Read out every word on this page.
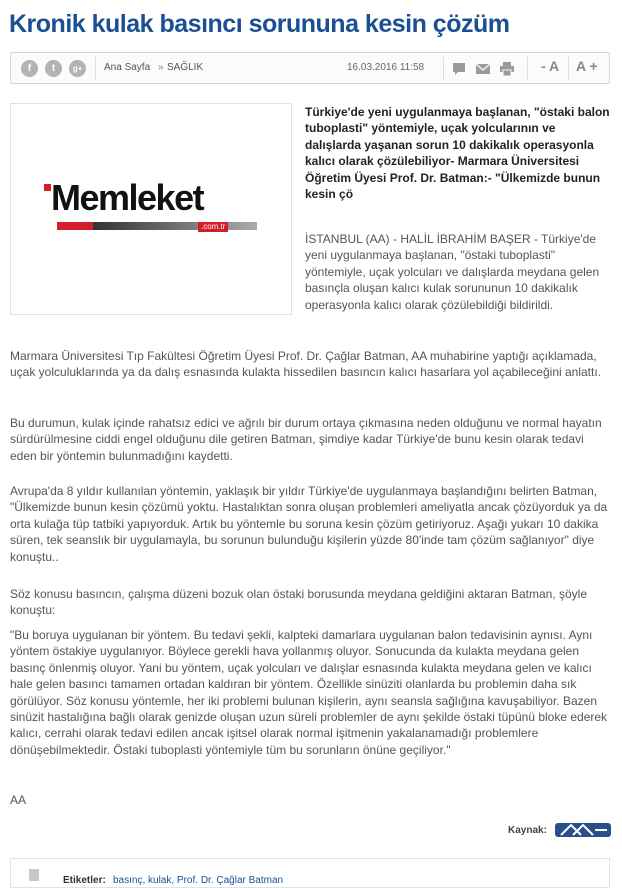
Kronik kulak basıncı sorununa kesin çözüm
f	t	g+	Ana Sayfa » SAĞLIK	16.03.2016 11:58	- A A +
Memleket
.com.tr
Türkiye'de yeni uygulanmaya başlanan, "östaki balon tuboplasti" yöntemiyle, uçak yolcularının ve dalışlarda yaşanan sorun 10 dakikalık operasyonla kalıcı olarak çözülebiliyor- Marmara Üniversitesi Öğretim Üyesi Prof. Dr. Batman:- "Ülkemizde bunun kesin çö
İSTANBUL (AA) - HALİL İBRAHİM BAŞER - Türkiye'de yeni uygulanmaya başlanan, "östaki tuboplasti" yöntemiyle, uçak yolcuları ve dalışlarda meydana gelen basınçla oluşan kalıcı kulak sorununun 10 dakikalık operasyonla kalıcı olarak çözülebildiği bildirildi.

Marmara Üniversitesi Tıp Fakültesi Öğretim Üyesi Prof. Dr. Çağlar Batman, AA muhabirine yaptığı açıklamada, uçak yolculuklarında ya da dalış esnasında kulakta hissedilen basıncın kalıcı hasarlara yol açabileceğini anlattı.

Bu durumun, kulak içinde rahatsız edici ve ağrılı bir durum ortaya çıkmasına neden olduğunu ve normal hayatın sürdürülmesine ciddi engel olduğunu dile getiren Batman, şimdiye kadar Türkiye'de bunu kesin olarak tedavi eden bir yöntemin bulunmadığını kaydetti.

Avrupa'da 8 yıldır kullanılan yöntemin, yaklaşık bir yıldır Türkiye'de uygulanmaya başlandığını belirten Batman, "Ülkemizde bunun kesin çözümü yoktu. Hastalıktan sonra oluşan problemleri ameliyatla ancak çözüyorduk ya da orta kulağa tüp tatbiki yapıyorduk. Artık bu yöntemle bu soruna kesin çözüm getiriyoruz. Aşağı yukarı 10 dakika süren, tek seanslık bir uygulamayla, bu sorunun bulunduğu kişilerin yüzde 80'inde tam çözüm sağlanıyor" diye konuştu..

Söz konusu basıncın, çalışma düzeni bozuk olan östaki borusunda meydana geldiğini aktaran Batman, şöyle konuştu:

"Bu boruya uygulanan bir yöntem. Bu tedavi şekli, kalpteki damarlara uygulanan balon tedavisinin aynısı. Aynı yöntem östakiye uygulanıyor. Böylece gerekli hava yollanmış oluyor. Sonucunda da kulakta meydana gelen basınç önlenmiş oluyor. Yani bu yöntem, uçak yolcuları ve dalışlar esnasında kulakta meydana gelen ve kalıcı hale gelen basıncı tamamen ortadan kaldıran bir yöntem. Özellikle sinüziti olanlarda bu problemin daha sık görülüyor. Söz konusu yöntemle, her iki problemi bulunan kişilerin, aynı seansla sağlığına kavuşabiliyor. Bazen sinüzit hastalığına bağlı olarak genizde oluşan uzun süreli problemler de aynı şekilde östaki tüpünü bloke ederek kalıcı, cerrahi olarak tedavi edilen ancak işitsel olarak normal işitmenin yakalanamadığı problemlere dönüşebilmektedir. Östaki tuboplasti yöntemiyle tüm bu sorunların önüne geçiliyor."

AA

Kaynak:
Etiketler: basınç, kulak, Prof. Dr. Çağlar Batman
